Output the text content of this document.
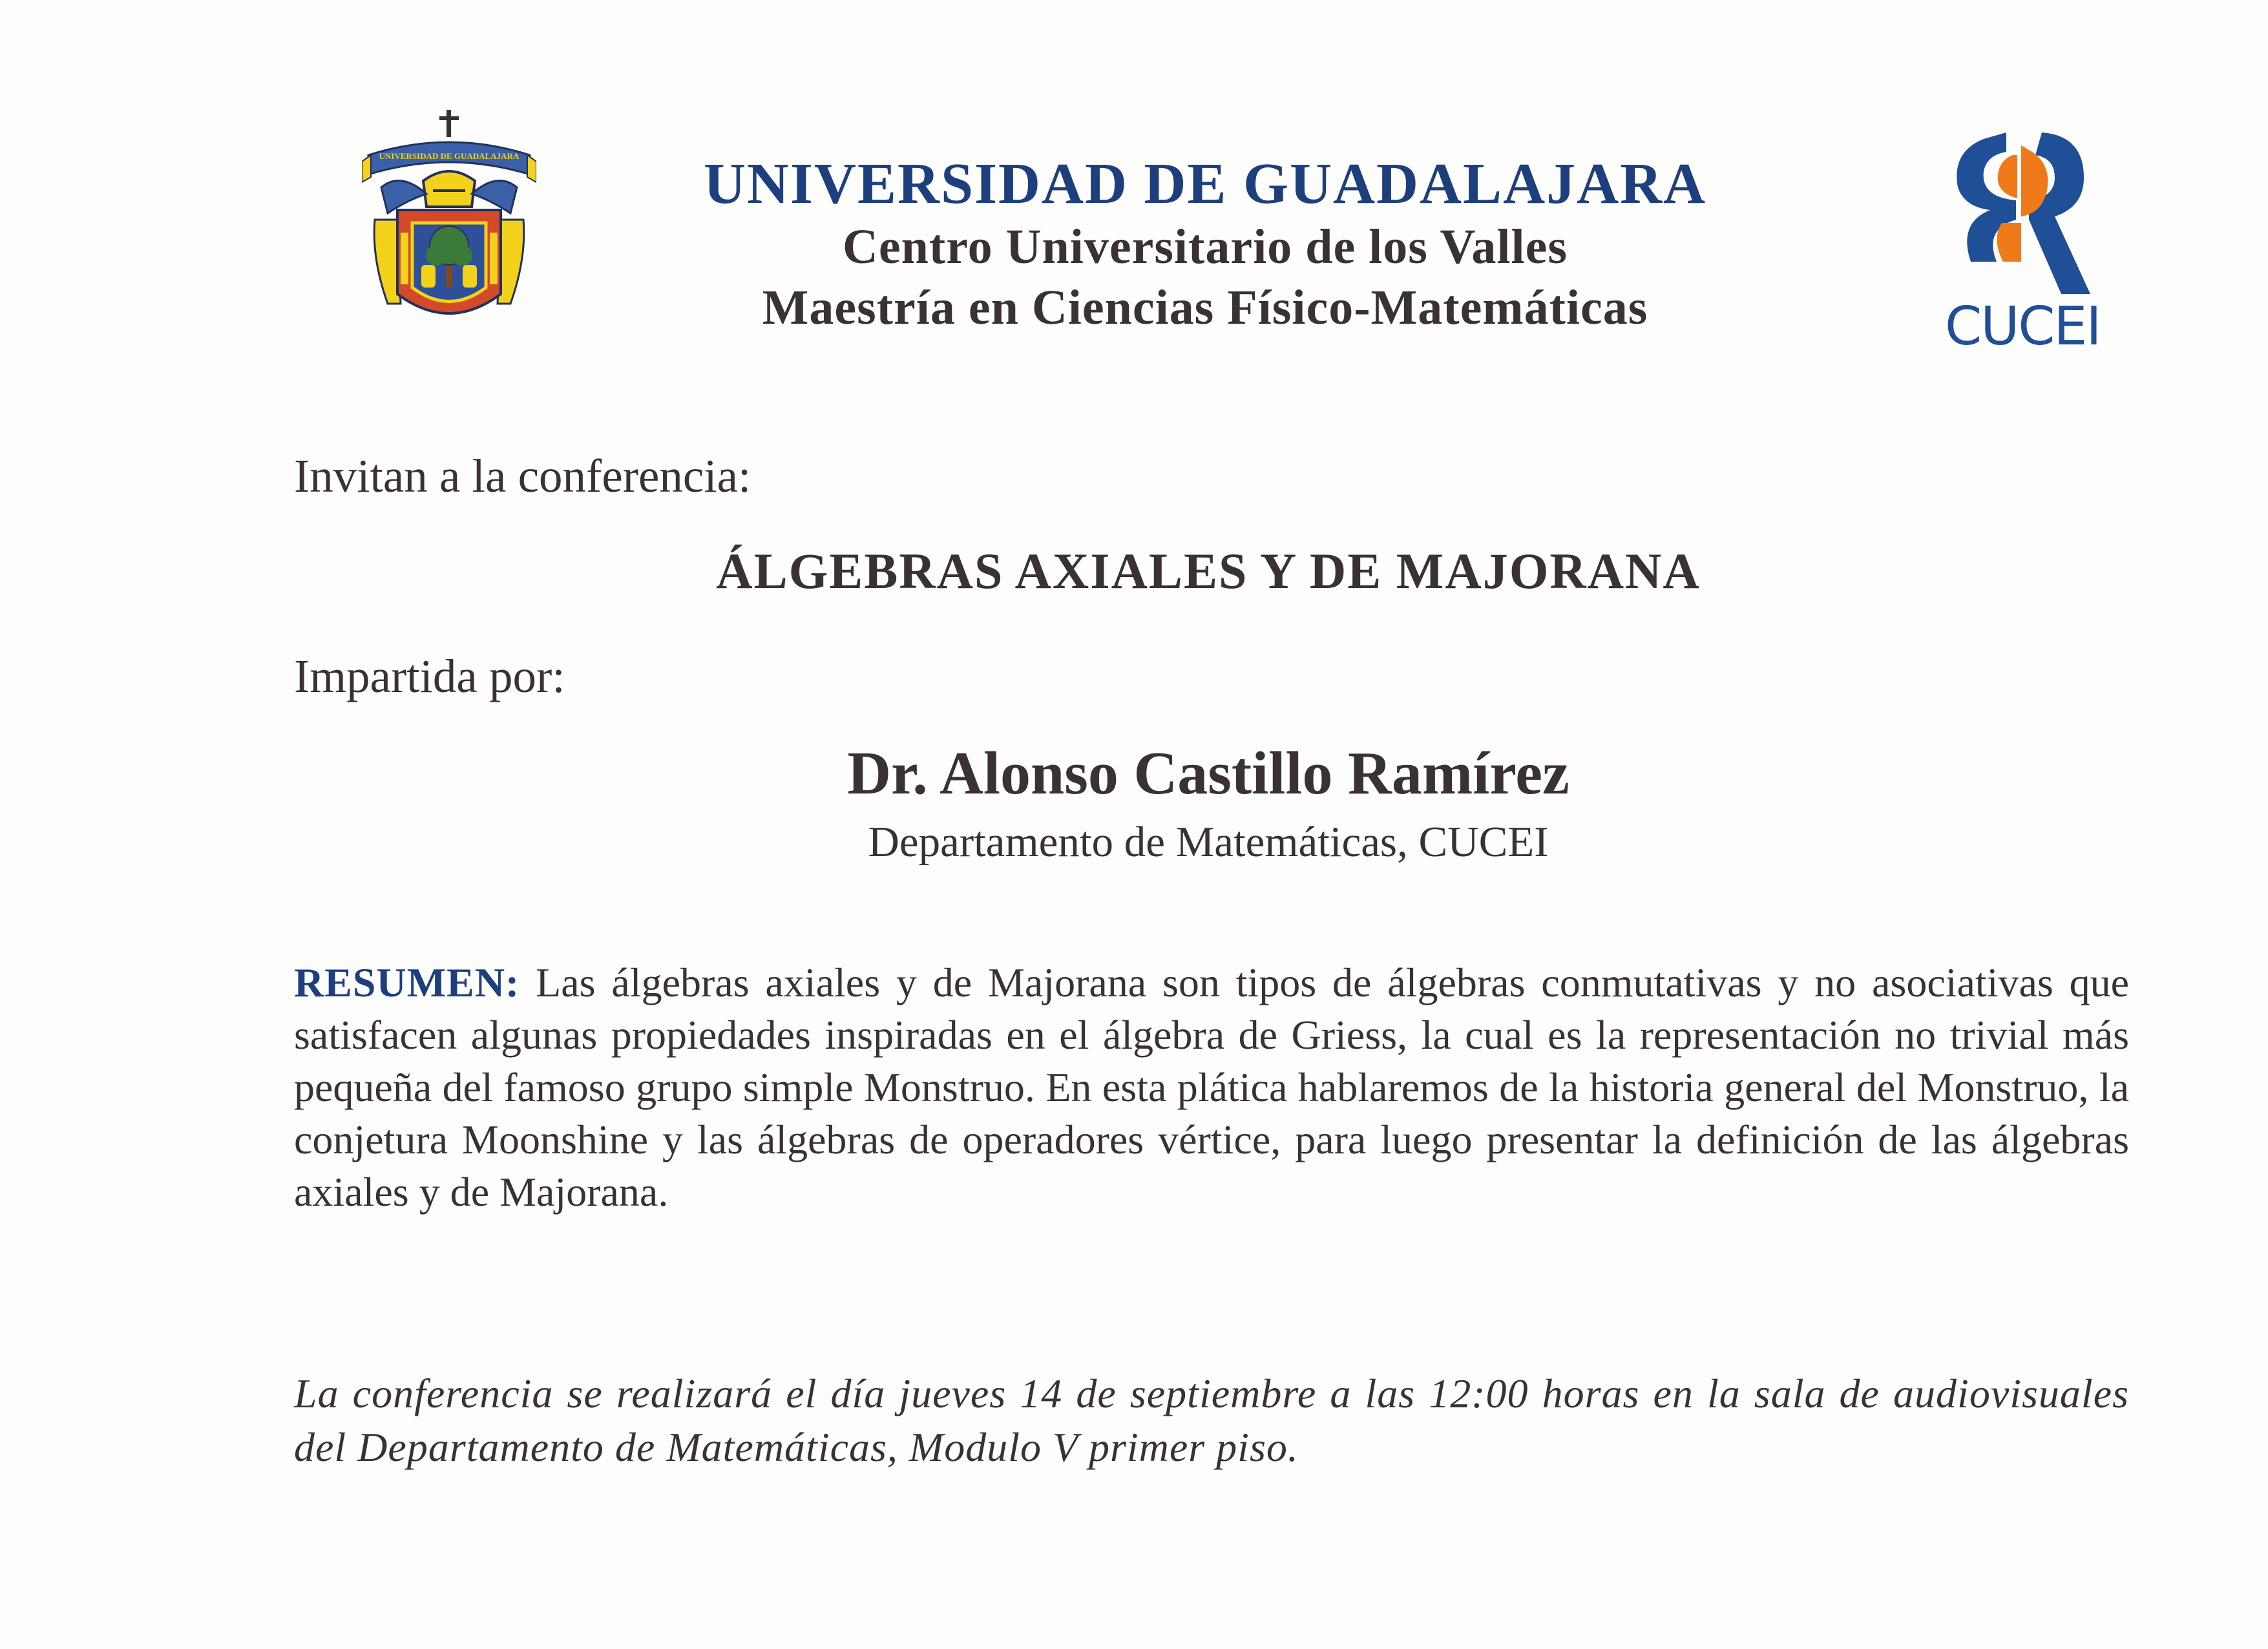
UNIVERSIDAD DE GUADALAJARA	UNIVERSIDAD DE GUADALAJARA
Centro Universitario de los Valles
Maestría en Ciencias Físico-Matemáticas	CUCEI
Invitan a la conferencia:
ÁLGEBRAS AXIALES Y DE MAJORANA
Impartida por:
Dr. Alonso Castillo Ramírez
Departamento de Matemáticas, CUCEI
RESUMEN: Las álgebras axiales y de Majorana son tipos de álgebras conmutativas y no asociativas que satisfacen algunas propiedades inspiradas en el álgebra de Griess, la cual es la representación no trivial más pequeña del famoso grupo simple Monstruo. En esta plática hablaremos de la historia general del Monstruo, la conjetura Moonshine y las álgebras de operadores vértice, para luego presentar la definición de las álgebras axiales y de Majorana.
La conferencia se realizará el día jueves 14 de septiembre a las 12:00 horas en la sala de audiovisuales del Departamento de Matemáticas, Modulo V primer piso.
